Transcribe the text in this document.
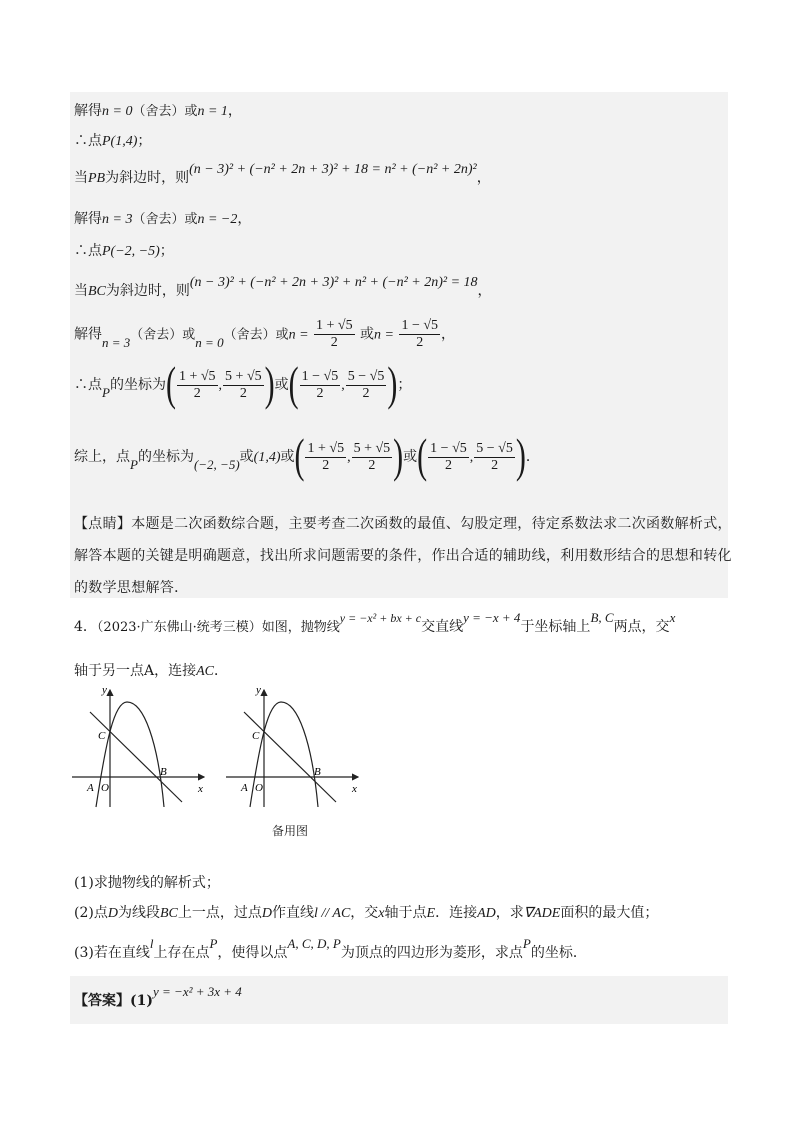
解得n = 0（舍去）或n = 1，
∴点P(1,4)；
当PB为斜边时，则(n − 3)² + (−n² + 2n + 3)² + 18 = n² + (−n² + 2n)²，
解得n = 3（舍去）或n = −2，
∴点P(−2, −5)；
当BC为斜边时，则(n − 3)² + (−n² + 2n + 3)² + n² + (−n² + 2n)² = 18，
解得n = 3（舍去）或n = 0（舍去）或$n = \frac{1 + √5}{2}$ 或$n = \frac{1 - √5}{2}$ ，
∴点P的坐标为( $\frac{1 + √5}{2}$ , $\frac{5 + √5}{2}$ )或( $\frac{1 - √5}{2}$ , $\frac{5 - √5}{2}$ )；
综上，点P的坐标为(−2, −5)或(1,4)或( $\frac{1 + √5}{2}$ , $\frac{5 + √5}{2}$ )或( $\frac{1 - √5}{2}$ , $\frac{5 - √5}{2}$ )．
【点睛】本题是二次函数综合题，主要考查二次函数的最值、勾股定理，待定系数法求二次函数解析式，
解答本题的关键是明确题意，找出所求问题需要的条件，作出合适的辅助线，利用数形结合的思想和转化
的数学思想解答．
4．（2023·广东佛山·统考三模）如图，抛物线y = −x² + bx + c交直线y = −x + 4于坐标轴上B, C两点，交x
轴于另一点A，连接AC．
y
x
C
A O
B
y
x
C
A O
B
备用图
(1)求抛物线的解析式；
(2)点D为线段BC上一点，过点D作直线l // AC，交x轴于点E．连接AD，求∇ADE面积的最大值；
(3)若在直线l上存在点P，使得以点A, C, D, P为顶点的四边形为菱形，求点P的坐标．
【答案】(1)y = −x² + 3x + 4
